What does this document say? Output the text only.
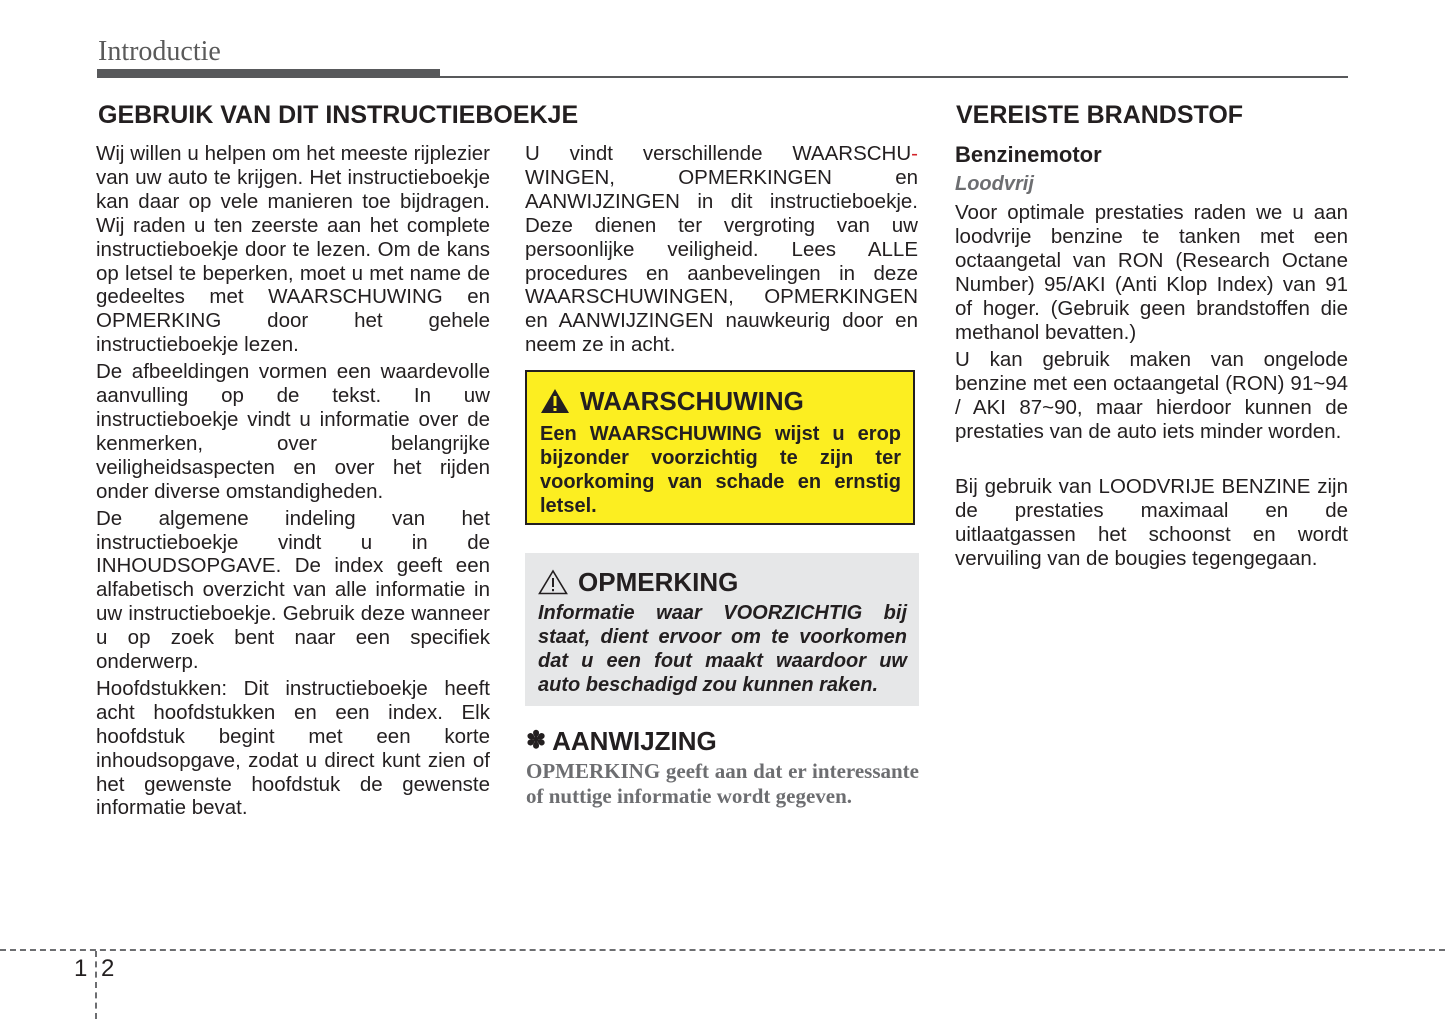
Introductie
GEBRUIK VAN DIT INSTRUCTIEBOEKJE	VEREISTE BRANDSTOF

Wij willen u helpen om het meeste rijplezier van uw auto te krijgen. Het instructieboekje kan daar op vele manieren toe bijdragen. Wij raden u ten zeerste aan het complete instructieboekje door te lezen. Om de kans op letsel te beperken, moet u met name de gedeeltes met WAARSCHUWING en OPMERKING door het gehele instructieboekje lezen.

De afbeeldingen vormen een waardevolle aanvulling op de tekst. In uw instructieboekje vindt u informatie over de kenmerken, over belangrijke veiligheidsaspecten en over het rijden onder diverse omstandigheden.

De algemene indeling van het instructieboekje vindt u in de INHOUDSOPGAVE. De index geeft een alfabetisch overzicht van alle informatie in uw instructieboekje. Gebruik deze wanneer u op zoek bent naar een specifiek onderwerp.

Hoofdstukken: Dit instructieboekje heeft acht hoofdstukken en een index. Elk hoofdstuk begint met een korte inhoudsopgave, zodat u direct kunt zien of het gewenste hoofdstuk de gewenste informatie bevat.

U vindt verschillende WAARSCHU- WINGEN, OPMERKINGEN en AANWIJZINGEN in dit instructieboekje. Deze dienen ter vergroting van uw persoonlijke veiligheid. Lees ALLE procedures en aanbevelingen in deze WAARSCHUWINGEN, OPMERKINGEN en AANWIJZINGEN nauwkeurig door en neem ze in acht.

WAARSCHUWING
Een WAARSCHUWING wijst u erop bijzonder voorzichtig te zijn ter voorkoming van schade en ernstig letsel.
OPMERKING
Informatie waar VOORZICHTIG bij staat, dient ervoor om te voorkomen dat u een fout maakt waardoor uw auto beschadigd zou kunnen raken.
✽ AANWIJZING
OPMERKING geeft aan dat er interessante of nuttige informatie wordt gegeven.
Benzinemotor
Loodvrij

Voor optimale prestaties raden we u aan loodvrije benzine te tanken met een octaangetal van RON (Research Octane Number) 95/AKI (Anti Klop Index) van 91 of hoger. (Gebruik geen brandstoffen die methanol bevatten.)

U kan gebruik maken van ongelode benzine met een octaangetal (RON) 91~94 / AKI 87~90, maar hierdoor kunnen de prestaties van de auto iets minder worden.

Bij gebruik van LOODVRIJE BENZINE zijn de prestaties maximaal en de uitlaatgassen het schoonst en wordt vervuiling van de bougies tegengegaan.

1 2
